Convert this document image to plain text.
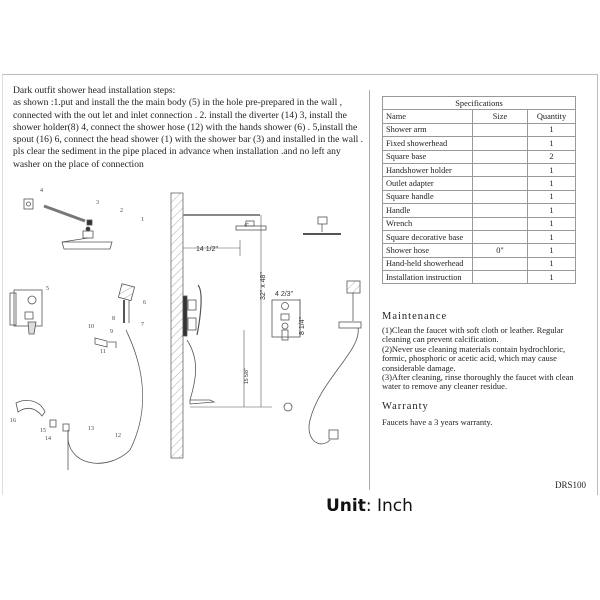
Dark outfit shower head installation steps:

as shown :1.put and install the the main body (5) in the hole pre-prepared in the wall , connected with the out let and inlet connection . 2. install the diverter (14) 3, install the shower holder(8) 4, connect the shower hose (12) with the hands shower (6) . 5,install the spout (16) 6, connect the head shower (1) with the shower bar (3) and installed in the wall .

pls clear the sediment in the pipe placed in advance when installation .and no left any washer on the place of connection

4
3
2
1
5
6
7
8
9
10
11
12
13
14
15
16
14 1/2"
4"
32" x 48"
15 5/8"
4 2/3"
8 1/4"
Specifications		
Name	Size	Quantity
Shower arm		1
Fixed showerhead		1
Square base		2
Handshower holder		1
Outlet adapter		1
Square handle		1
Handle		1
Wrench		1
Square decorative base		1
Shower hose	0"	1
Hand-held showerhead		1
Installation instruction		1
Maintenance

(1)Clean the faucet with soft cloth or leather. Regular cleaning can prevent calcification.

(2)Never use cleaning materials contain hydrochloric, formic, phosphoric or acetic acid, which may cause considerable damage.

(3)After cleaning, rinse thoroughly the faucet with clean water to remove any cleaner residue.

Warranty
Faucets have a 3 years warranty.
DRS100
Unit: Inch
